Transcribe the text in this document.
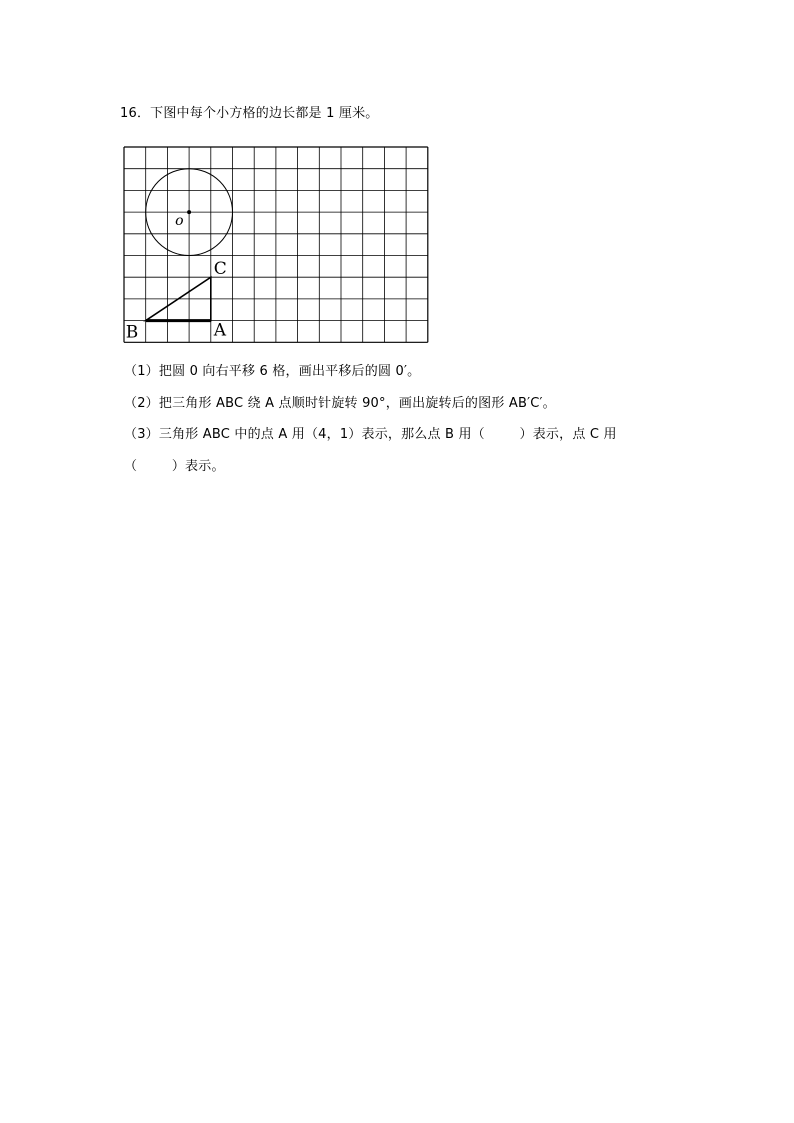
16．下图中每个小方格的边长都是 1 厘米。
o
A
B
C
（1）把圆 0 向右平移 6 格，画出平移后的圆 0′。
（2）把三角形 ABC 绕 A 点顺时针旋转 90°，画出旋转后的图形 AB′C′。
（3）三角形 ABC 中的点 A 用（4，1）表示，那么点 B 用（        ）表示，点 C 用
（        ）表示。
